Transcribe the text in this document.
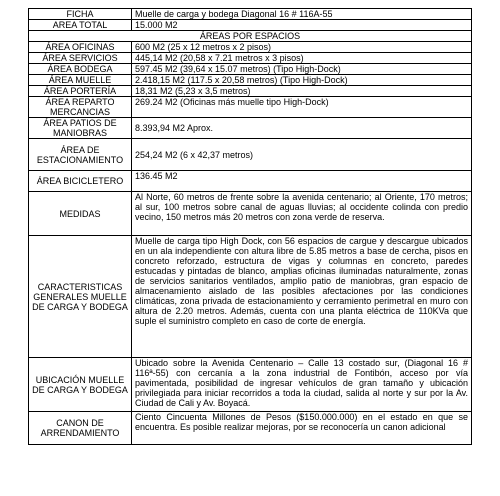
FICHA	Muelle de carga y bodega Diagonal 16 # 116A-55
AREA TOTAL	15.000 M2
ÁREAS POR ESPACIOS	
ÁREA OFICINAS	600 M2 (25 x 12 metros x 2 pisos)
ÁREA SERVICIOS	445,14 M2 (20,58 x 7.21 metros x 3 pisos)
ÁREA BODEGA	597.45 M2 (39,64 x 15.07 metros) (Tipo High-Dock)
ÁREA MUELLE	2.418,15 M2 (117.5 x 20,58 metros) (Tipo High-Dock)
ÁREA PORTERÍA	18,31 M2 (5,23 x 3,5 metros)
ÁREA REPARTO MERCANCIAS	269.24 M2 (Oficinas más muelle tipo High-Dock)
ÁREA PATIOS DE MANIOBRAS	8.393,94 M2 Aprox.
ÁREA DE ESTACIONAMIENTO	254,24 M2 (6 x 42,37 metros)
ÁREA BICICLETERO	136.45 M2
MEDIDAS	Al Norte, 60 metros de frente sobre la avenida centenario; al Oriente, 170 metros; al sur, 100 metros sobre canal de aguas lluvias; al occidente colinda con predio vecino, 150 metros más 20 metros con zona verde de reserva.

CARACTERISTICAS GENERALES MUELLE DE CARGA Y BODEGA	Muelle de carga tipo High Dock, con 56 espacios de cargue y descargue ubicados en un ala independiente con altura libre de 5.85 metros a base de cercha, pisos en concreto reforzado, estructura de vigas y columnas en concreto, paredes estucadas y pintadas de blanco, amplias oficinas iluminadas naturalmente, zonas de servicios sanitarios ventilados, amplio patio de maniobras, gran espacio de almacenamiento aislado de las posibles afectaciones por las condiciones climáticas, zona privada de estacionamiento y cerramiento perimetral en muro con altura de 2.20 metros. Además, cuenta con una planta eléctrica de 110KVa que suple el suministro completo en caso de corte de energía.
UBICACIÓN MUELLE DE CARGA Y BODEGA	Ubicado sobre la Avenida Centenario – Calle 13 costado sur, (Diagonal 16 # 116ª-55) con cercanía a la zona industrial de Fontibón, acceso por vía pavimentada, posibilidad de ingresar vehículos de gran tamaño y ubicación privilegiada para iniciar recorridos a toda la ciudad, salida al norte y sur por la Av. Ciudad de Cali y Av. Boyacá.
CANON DE ARRENDAMIENTO	Ciento Cincuenta Millones de Pesos ($150.000.000) en el estado en que se encuentra. Es posible realizar mejoras, por se reconocería un canon adicional
